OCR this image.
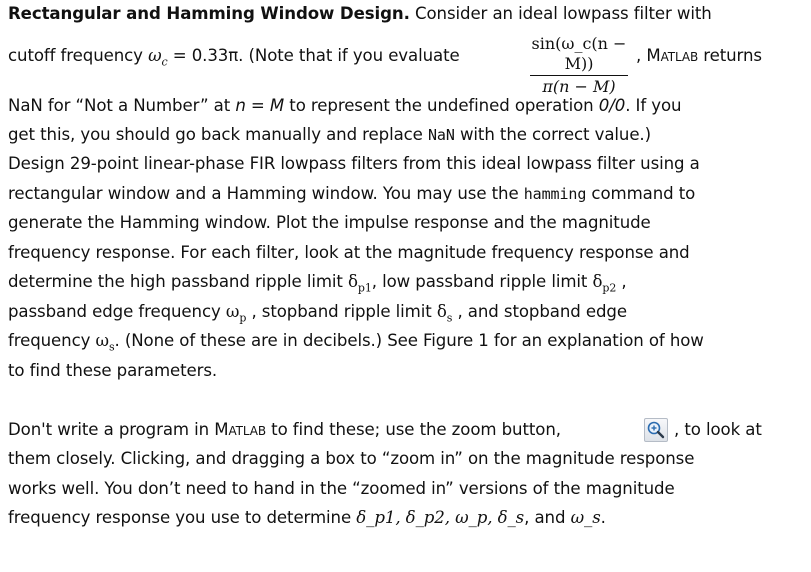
Rectangular and Hamming Window Design. Consider an ideal lowpass filter with
cutoff frequency $\omega_c = 0.33\pi$. (Note that if you evaluate
sin(ω_c(n − M))
π(n − M)
, Matlab returns
NaN for “Not a Number” at n = M to represent the undefined operation 0/0. If you
get this, you should go back manually and replace NaN with the correct value.)
Design 29-point linear-phase FIR lowpass filters from this ideal lowpass filter using a
rectangular window and a Hamming window. You may use the hamming command to
generate the Hamming window. Plot the impulse response and the magnitude
frequency response. For each filter, look at the magnitude frequency response and
determine the high passband ripple limit $\delta_{p1}$, low passband ripple limit $\delta_{p2}$ ,
passband edge frequency $\omega_p$ , stopband ripple limit $\delta_s$ , and stopband edge
frequency $\omega_s$. (None of these are in decibels.) See Figure 1 for an explanation of how
to find these parameters.
Don't write a program in Matlab to find these; use the zoom button,	, to look at
them closely. Clicking, and dragging a box to “zoom in” on the magnitude response
works well. You don’t need to hand in the “zoomed in” versions of the magnitude
frequency response you use to determine δ_p1, δ_p2, ω_p, δ_s, and ω_s.
